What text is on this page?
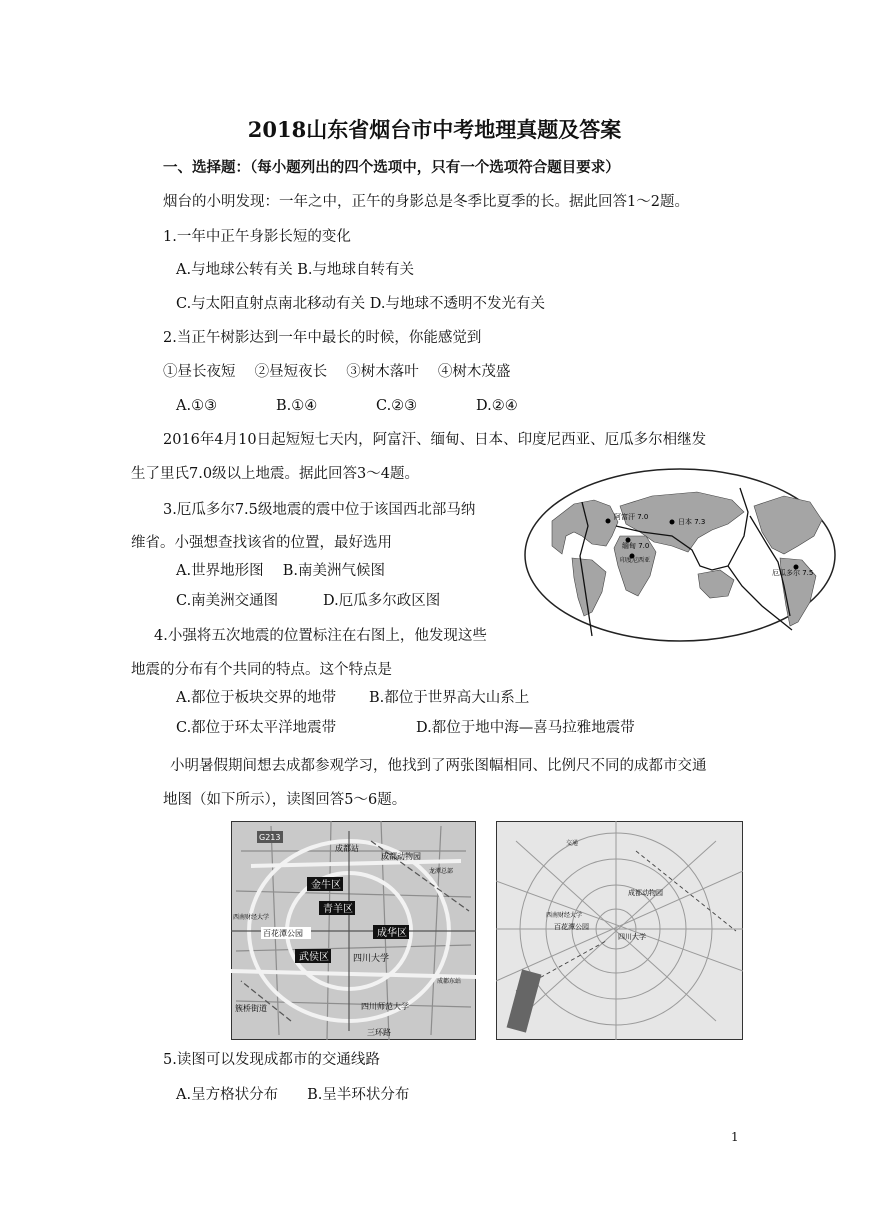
2018山东省烟台市中考地理真题及答案
一、选择题：（每小题列出的四个选项中，只有一个选项符合题目要求）
烟台的小明发现：一年之中，正午的身影总是冬季比夏季的长。据此回答1～2题。
1.一年中正午身影长短的变化
A.与地球公转有关 B.与地球自转有关
C.与太阳直射点南北移动有关 D.与地球不透明不发光有关
2.当正午树影达到一年中最长的时候，你能感觉到
①昼长夜短　 ②昼短夜长 　③树木落叶 　④树木茂盛
A.①③	B.①④	C.②③	D.②④
2016年4月10日起短短七天内，阿富汗、缅甸、日本、印度尼西亚、厄瓜多尔相继发
生了里氏7.0级以上地震。据此回答3～4题。
3.厄瓜多尔7.5级地震的震中位于该国西北部马纳
维省。小强想查找该省的位置，最好选用
A.世界地形图　 B.南美洲气候图
C.南美洲交通图	D.厄瓜多尔政区图
4.小强将五次地震的位置标注在右图上，他发现这些
地震的分布有个共同的特点。这个特点是
A.都位于板块交界的地带 B.都位于世界高大山系上
C.都位于环太平洋地震带	D.都位于地中海—喜马拉雅地震带
阿富汗 7.0
日本 7.3
缅甸 7.0
印度尼西亚
厄瓜多尔 7.5
小明暑假期间想去成都参观学习，他找到了两张图幅相同、比例尺不同的成都市交通
地图（如下所示），读图回答5～6题。
G213
成都动物园
成都站
金牛区
青羊区
成华区
武侯区
百花潭公园
四川大学
四川师范大学
西南财经大学
成都东站
簇桥街道
三环路
龙潭总部
成都动物园
百花潭公园
四川大学
西南财经大学
交通
5.读图可以发现成都市的交通线路
A.呈方格状分布　　B.呈半环状分布
1
